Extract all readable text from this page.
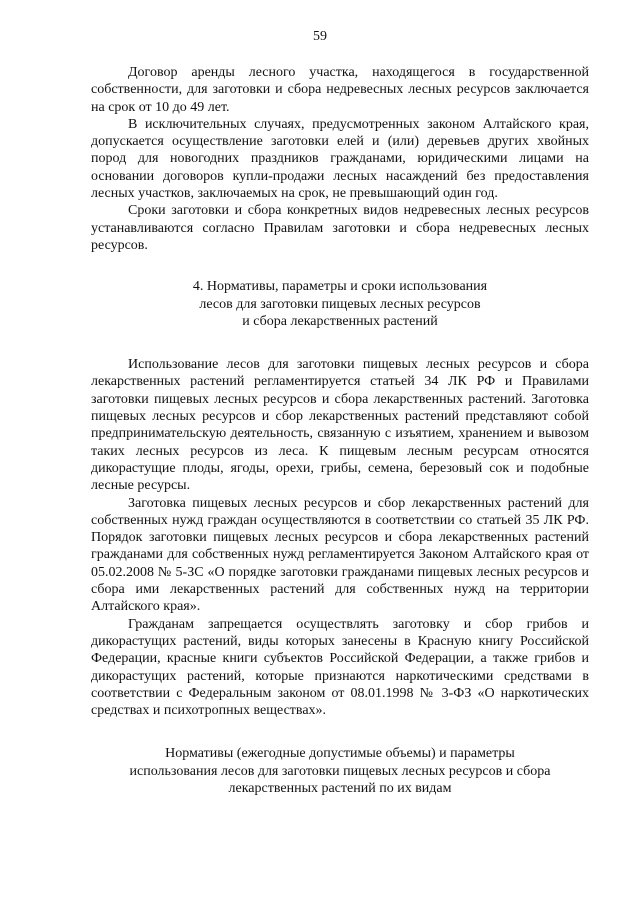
59

Договор аренды лесного участка, находящегося в государственной собственности, для заготовки и сбора недревесных лесных ресурсов заключается на срок от 10 до 49 лет.

В исключительных случаях, предусмотренных законом Алтайского края, допускается осуществление заготовки елей и (или) деревьев других хвойных пород для новогодних праздников гражданами, юридическими лицами на основании договоров купли-продажи лесных насаждений без предоставления лесных участков, заключаемых на срок, не превышающий один год.

Сроки заготовки и сбора конкретных видов недревесных лесных ресурсов устанавливаются согласно Правилам заготовки и сбора недревесных лесных ресурсов.

4. Нормативы, параметры и сроки использования

лесов для заготовки пищевых лесных ресурсов

и сбора лекарственных растений

Использование лесов для заготовки пищевых лесных ресурсов и сбора лекарственных растений регламентируется статьей 34 ЛК РФ и Правилами заготовки пищевых лесных ресурсов и сбора лекарственных растений. Заготовка пищевых лесных ресурсов и сбор лекарственных растений представляют собой предпринимательскую деятельность, связанную с изъятием, хранением и вывозом таких лесных ресурсов из леса. К пищевым лесным ресурсам относятся дикорастущие плоды, ягоды, орехи, грибы, семена, березовый сок и подобные лесные ресурсы.

Заготовка пищевых лесных ресурсов и сбор лекарственных растений для собственных нужд граждан осуществляются в соответствии со статьей 35 ЛК РФ. Порядок заготовки пищевых лесных ресурсов и сбора лекарственных растений гражданами для собственных нужд регламентируется Законом Алтайского края от 05.02.2008 № 5-ЗС «О порядке заготовки гражданами пищевых лесных ресурсов и сбора ими лекарственных растений для собственных нужд на территории Алтайского края».

Гражданам запрещается осуществлять заготовку и сбор грибов и дикорастущих растений, виды которых занесены в Красную книгу Российской Федерации, красные книги субъектов Российской Федерации, а также грибов и дикорастущих растений, которые признаются наркотическими средствами в соответствии с Федеральным законом от 08.01.1998 № 3-ФЗ «О наркотических средствах и психотропных веществах».

Нормативы (ежегодные допустимые объемы) и параметры

использования лесов для заготовки пищевых лесных ресурсов и сбора

лекарственных растений по их видам
